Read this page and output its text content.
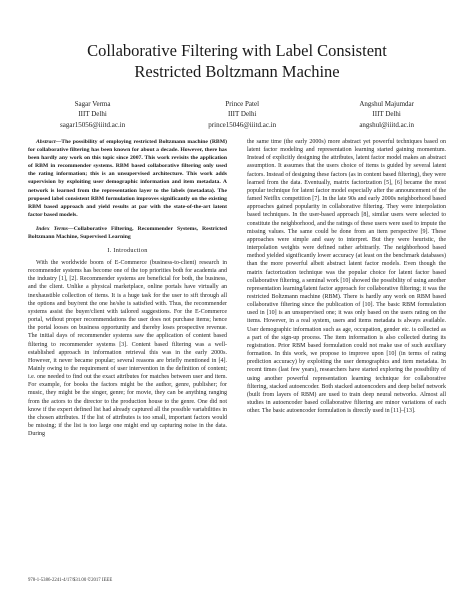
Collaborative Filtering with Label Consistent
Restricted Boltzmann Machine
Sagar Verma
IIIT Delhi
sagar15056@iiitd.ac.in
Prince Patel
IIIT Delhi
prince15046@iiitd.ac.in
Angshul Majumdar
IIIT Delhi
angshul@iiitd.ac.in

Abstract—The possibility of employing restricted Boltzmann machine (RBM) for collaborative filtering has been known for about a decade. However, there has been hardly any work on this topic since 2007. This work revisits the application of RBM in recommender systems. RBM based collaborative filtering only used the rating information; this is an unsupervised architecture. This work adds supervision by exploiting user demographic information and item metadata. A network is learned from the representation layer to the labels (metadata). The proposed label consistent RBM formulation improves significantly on the existing RBM based approach and yield results at par with the state-of-the-art latent factor based models.

Index Terms—Collaborative Filtering, Recommender Systems, Restricted Boltzmann Machine, Supervised Learning

I. Introduction

With the worldwide boom of E-Commerce (business-to-client) research in recommender systems has become one of the top priorities both for academia and the industry [1], [2]. Recommender systems are beneficial for both, the business, and the client. Unlike a physical marketplace, online portals have virtually an inexhaustible collection of items. It is a huge task for the user to sift through all the options and buy/rent the one he/she is satisfied with. Thus, the recommender systems assist the buyer/client with tailored suggestions. For the E-Commerce portal, without proper recommendations the user does not purchase items; hence the portal looses on business opportunity and thereby loses prospective revenue. The initial days of recommender systems saw the application of content based filtering to recommender systems [3]. Content based filtering was a well-established approach in information retrieval this was in the early 2000s. However, it never became popular; several reasons are briefly mentioned in [4]. Mainly owing to the requirement of user intervention in the definition of content; i.e. one needed to find out the exact attributes for matches between user and item. For example, for books the factors might be the author, genre, publisher; for music, they might be the singer, genre; for movie, they can be anything ranging from the actors to the director to the production house to the genre. One did not know if the expert defined list had already captured all the possible variabilities in the chosen attributes. If the list of attributes is too small, important factors would be missing; if the list is too large one might end up capturing noise in the data. During

the same time (the early 2000s) more abstract yet powerful techniques based on latent factor modeling and representation learning started gaining momentum. Instead of explicitly designing the attributes, latent factor model makes an abstract assumption. It assumes that the users choice of items is guided by several latent factors. Instead of designing these factors (as in content based filtering), they were learned from the data. Eventually, matrix factorization [5], [6] became the most popular technique for latent factor model especially after the announcement of the famed Netflix competition [7]. In the late 90s and early 2000s neighborhood based approaches gained popularity in collaborative filtering. They were interpolation based techniques. In the user-based approach [8], similar users were selected to constitute the neighborhood, and the ratings of these users were used to impute the missing values. The same could be done from an item perspective [9]. These approaches were simple and easy to interpret. But they were heuristic, the interpolation weights were defined rather arbitrarily. The neighborhood based method yielded significantly lower accuracy (at least on the benchmark databases) than the more powerful albeit abstract latent factor models. Even though the matrix factorization technique was the popular choice for latent factor based collaborative filtering, a seminal work [10] showed the possibility of using another representation learning/latent factor approach for collaborative filtering; it was the restricted Boltzmann machine (RBM). There is hardly any work on RBM based collaborative filtering since the publication of [10]. The basic RBM formulation used in [10] is an unsupervised one; it was only based on the users rating on the items. However, in a real system, users and items metadata is always available. User demographic information such as age, occupation, gender etc. is collected as a part of the sign-up process. The item information is also collected during its registration. Prior RBM based formulation could not make use of such auxiliary formation. In this work, we propose to improve upon [10] (in terms of rating prediction accuracy) by exploiting the user demographics and item metadata. In recent times (last few years), researchers have started exploring the possibility of using another powerful representation learning technique for collaborative filtering, stacked autoencoder. Both stacked autoencoders and deep belief network (built from layers of RBM) are used to train deep neural networks. Almost all studies in autoencoder based collaborative filtering are minor variations of each other. The basic autoencoder formulation is directly used in [11]–[13].

978-1-5386-2241-4/17/$31.00 ©2017 IEEE
